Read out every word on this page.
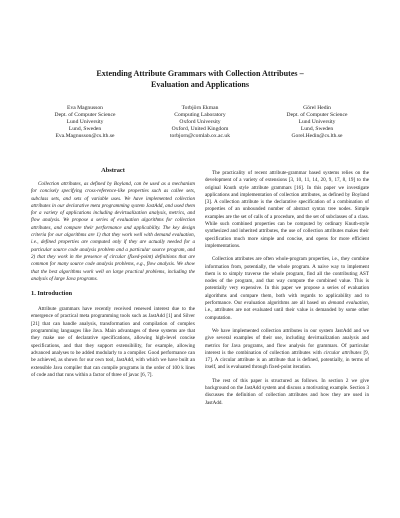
Extending Attribute Grammars with Collection Attributes –
Evaluation and Applications
Eva Magnusson
Dept. of Computer Science
Lund University
Lund, Sweden
Eva.Magnusson@cs.lth.se
Torbjörn Ekman
Computing Laboratory
Oxford University
Oxford, United Kingdom
torbjorn@comlab.ox.ac.uk
Görel Hedin
Dept. of Computer Science
Lund University
Lund, Sweden
Gorel.Hedin@cs.lth.se
Abstract

Collection attributes, as defined by Boyland, can be used as a mechanism for concisely specifying cross-reference-like properties such as callee sets, subclass sets, and sets of variable uses. We have implemented collection attributes in our declarative meta programming system JastAdd, and used them for a variety of applications including devirtualization analysis, metrics, and flow analysis. We propose a series of evaluation algorithms for collection attributes, and compare their performance and applicability. The key design criteria for our algorithms are 1) that they work well with demand evaluation, i.e., defined properties are computed only if they are actually needed for a particular source code analysis problem and a particular source program, and 2) that they work in the presence of circular (fixed-point) definitions that are common for many source code analysis problems, e.g., flow analysis. We show that the best algorithms work well on large practical problems, including the analysis of large Java programs.

1. Introduction

Attribute grammars have recently received renewed interest due to the emergence of practical meta programming tools such as JastAdd [1] and Silver [21] that can handle analysis, transformation and compilation of complex programming languages like Java. Main advantages of these systems are that they make use of declarative specifications, allowing high-level concise specifications, and that they support extensibility, for example, allowing advanced analyses to be added modularly to a compiler. Good performance can be achieved, as shown for our own tool, JastAdd, with which we have built an extensible Java compiler that can compile programs in the order of 100 k lines of code and that runs within a factor of three of javac [6, 7].

The practicality of recent attribute-grammar based systems relies on the development of a variety of extensions [3, 10, 11, 14, 20, 9, 17, 8, 19] to the original Knuth style attribute grammars [16]. In this paper we investigate applications and implementation of collection attributes, as defined by Boyland [3]. A collection attribute is the declarative specification of a combination of properties of an unbounded number of abstract syntax tree nodes. Simple examples are the set of calls of a procedure, and the set of subclasses of a class. While such combined properties can be computed by ordinary Knuth-style synthesized and inherited attributes, the use of collection attributes makes their specification much more simple and concise, and opens for more efficient implementations.

Collection attributes are often whole-program properties, i.e., they combine information from, potentially, the whole program. A naive way to implement them is to simply traverse the whole program, find all the contributing AST nodes of the program, and that way compute the combined value. This is potentially very expensive. In this paper we propose a series of evaluation algorithms and compare them, both with regards to applicability and to performance. Our evaluation algorithms are all based on demand evaluation, i.e., attributes are not evaluated until their value is demanded by some other computation.

We have implemented collection attributes in our system JastAdd and we give several examples of their use, including devirtualization analysis and metrics for Java programs, and flow analysis for grammars. Of particular interest is the combination of collection attributes with circular attributes [9, 17]. A circular attribute is an attribute that is defined, potentially, in terms of itself, and is evaluated through fixed-point iteration.

The rest of this paper is structured as follows. In section 2 we give background on the JastAdd system and discuss a motivating example. Section 3 discusses the definition of collection attributes and how they are used in JastAdd.
